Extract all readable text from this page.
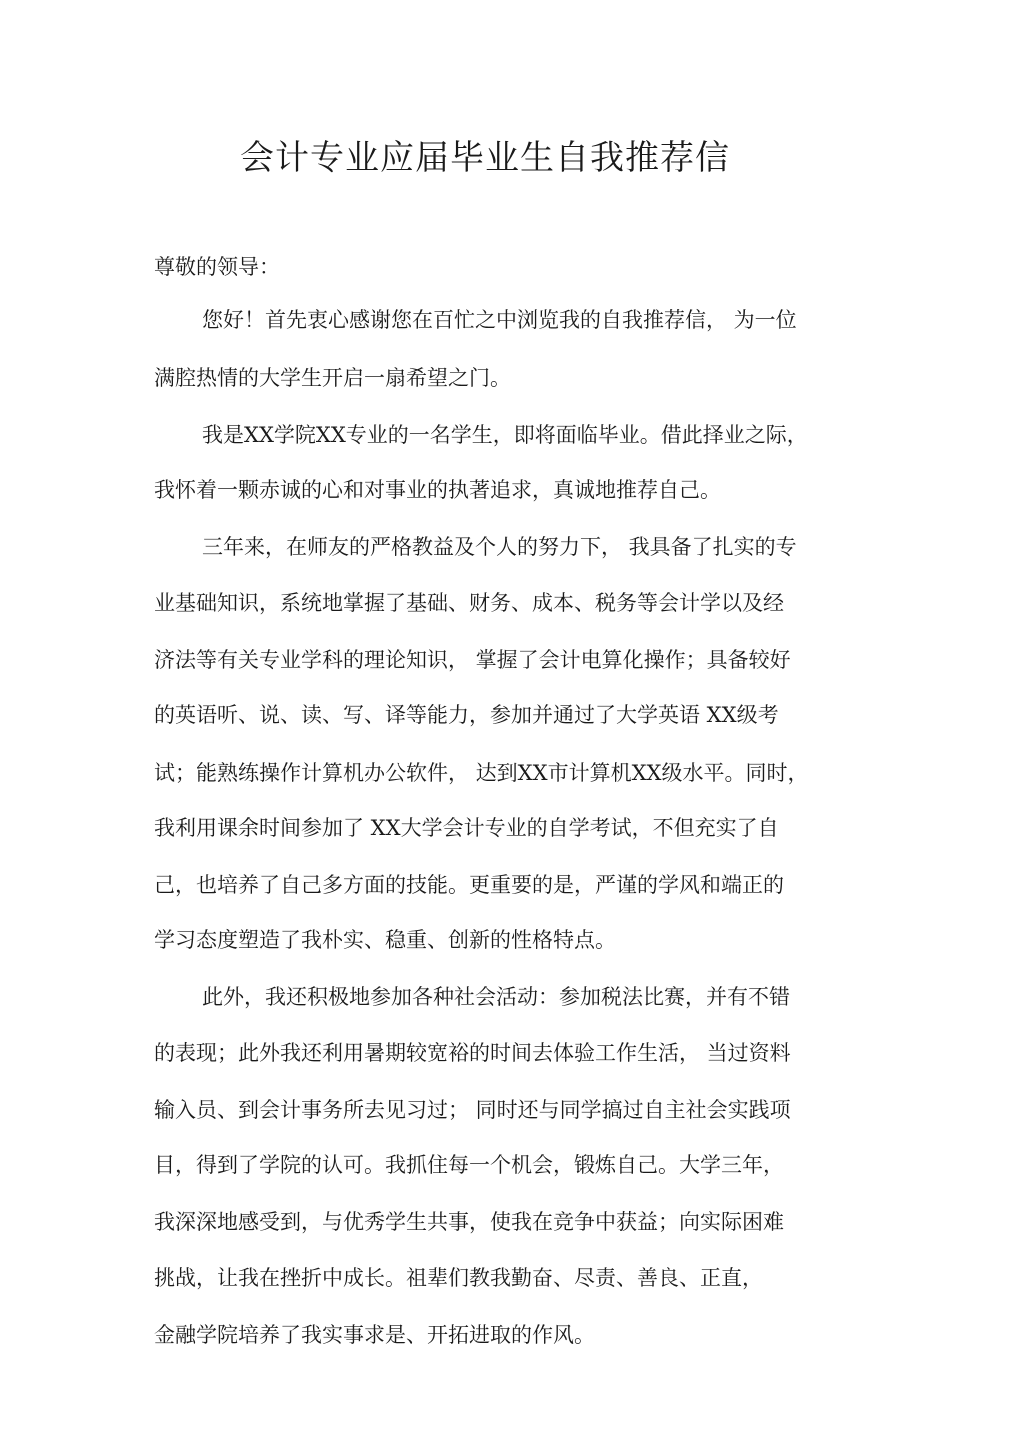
会计专业应届毕业生自我推荐信

尊敬的领导：

您好！首先衷心感谢您在百忙之中浏览我的自我推荐信， 为一位

满腔热情的大学生开启一扇希望之门。

我是XX学院XX专业的一名学生，即将面临毕业。借此择业之际，

我怀着一颗赤诚的心和对事业的执著追求，真诚地推荐自己。

三年来，在师友的严格教益及个人的努力下， 我具备了扎实的专

业基础知识，系统地掌握了基础、财务、成本、税务等会计学以及经

济法等有关专业学科的理论知识， 掌握了会计电算化操作；具备较好

的英语听、说、读、写、译等能力，参加并通过了大学英语 XX级考

试；能熟练操作计算机办公软件， 达到XX市计算机XX级水平。同时，

我利用课余时间参加了 XX大学会计专业的自学考试，不但充实了自

己，也培养了自己多方面的技能。更重要的是，严谨的学风和端正的

学习态度塑造了我朴实、稳重、创新的性格特点。

此外，我还积极地参加各种社会活动：参加税法比赛，并有不错

的表现；此外我还利用暑期较宽裕的时间去体验工作生活， 当过资料

输入员、到会计事务所去见习过； 同时还与同学搞过自主社会实践项

目，得到了学院的认可。我抓住每一个机会，锻炼自己。大学三年，

我深深地感受到，与优秀学生共事，使我在竞争中获益；向实际困难

挑战，让我在挫折中成长。祖辈们教我勤奋、尽责、善良、正直，

金融学院培养了我实事求是、开拓进取的作风。
